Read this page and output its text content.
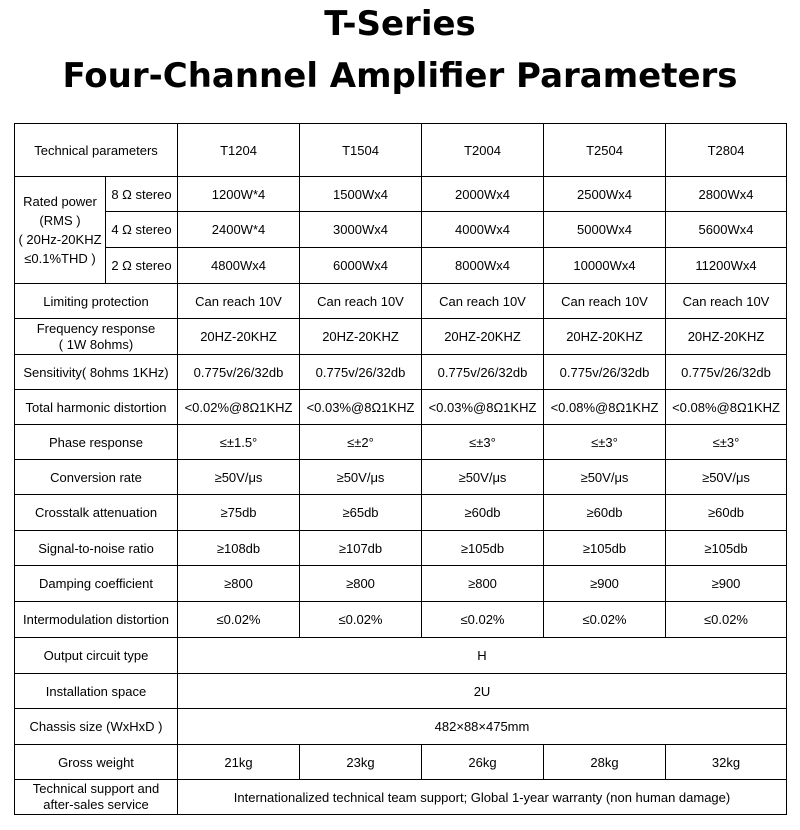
T-Series
Four-Channel Amplifier Parameters
Technical parameters		T1204	T1504	T2004	T2504	T2804
Rated power
(RMS )
( 20Hz-20KHZ
≤0.1%THD )	8 Ω stereo	1200W*4	1500Wx4	2000Wx4	2500Wx4	2800Wx4
	4 Ω stereo	2400W*4	3000Wx4	4000Wx4	5000Wx4	5600Wx4
	2 Ω stereo	4800Wx4	6000Wx4	8000Wx4	10000Wx4	11200Wx4
Limiting protection		Can reach 10V	Can reach 10V	Can reach 10V	Can reach 10V	Can reach 10V
Frequency response
( 1W 8ohms)		20HZ-20KHZ	20HZ-20KHZ	20HZ-20KHZ	20HZ-20KHZ	20HZ-20KHZ
Sensitivity( 8ohms 1KHz)		0.775v/26/32db	0.775v/26/32db	0.775v/26/32db	0.775v/26/32db	0.775v/26/32db
Total harmonic distortion		<0.02%@8Ω1KHZ	<0.03%@8Ω1KHZ	<0.03%@8Ω1KHZ	<0.08%@8Ω1KHZ	<0.08%@8Ω1KHZ
Phase response		≤±1.5°	≤±2°	≤±3°	≤±3°	≤±3°
Conversion rate		≥50V/μs	≥50V/μs	≥50V/μs	≥50V/μs	≥50V/μs
Crosstalk attenuation		≥75db	≥65db	≥60db	≥60db	≥60db
Signal-to-noise ratio		≥108db	≥107db	≥105db	≥105db	≥105db
Damping coefficient		≥800	≥800	≥800	≥900	≥900
Intermodulation distortion		≤0.02%	≤0.02%	≤0.02%	≤0.02%	≤0.02%
Output circuit type		H				
Installation space		2U				
Chassis size (WxHxD )		482×88×475mm				
Gross weight		21kg	23kg	26kg	28kg	32kg
Technical support and
after-sales service		Internationalized technical team support; Global 1-year warranty (non human damage)				
